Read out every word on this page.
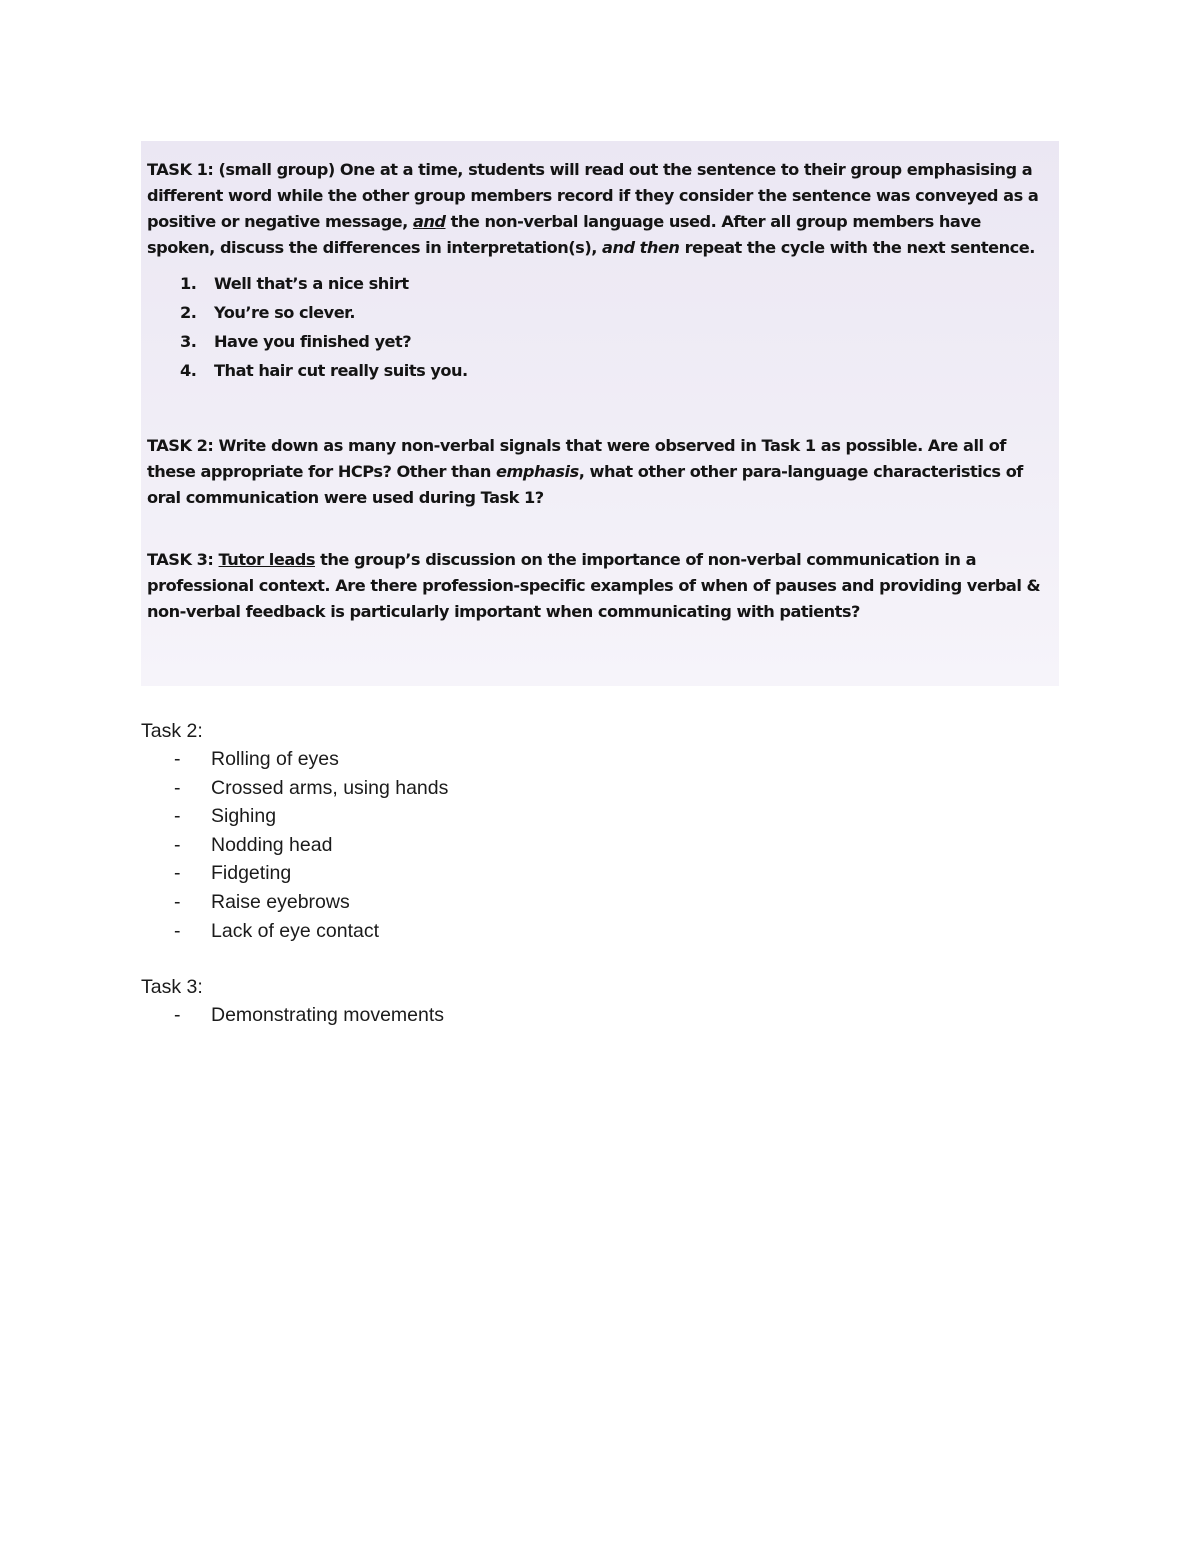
TASK 1: (small group) One at a time, students will read out the sentence to their group emphasising a different word while the other group members record if they consider the sentence was conveyed as a positive or negative message, and the non-verbal language used. After all group members have spoken, discuss the differences in interpretation(s), and then repeat the cycle with the next sentence.

1. Well that’s a nice shirt
2. You’re so clever.
3. Have you finished yet?
4. That hair cut really suits you.

TASK 2: Write down as many non-verbal signals that were observed in Task 1 as possible. Are all of these appropriate for HCPs? Other than emphasis, what other other para-language characteristics of oral communication were used during Task 1?

TASK 3: Tutor leads the group’s discussion on the importance of non-verbal communication in a professional context. Are there profession-specific examples of when of pauses and providing verbal & non-verbal feedback is particularly important when communicating with patients?

Task 2:
- Rolling of eyes
- Crossed arms, using hands
- Sighing
- Nodding head
- Fidgeting
- Raise eyebrows
- Lack of eye contact
Task 3:
- Demonstrating movements
